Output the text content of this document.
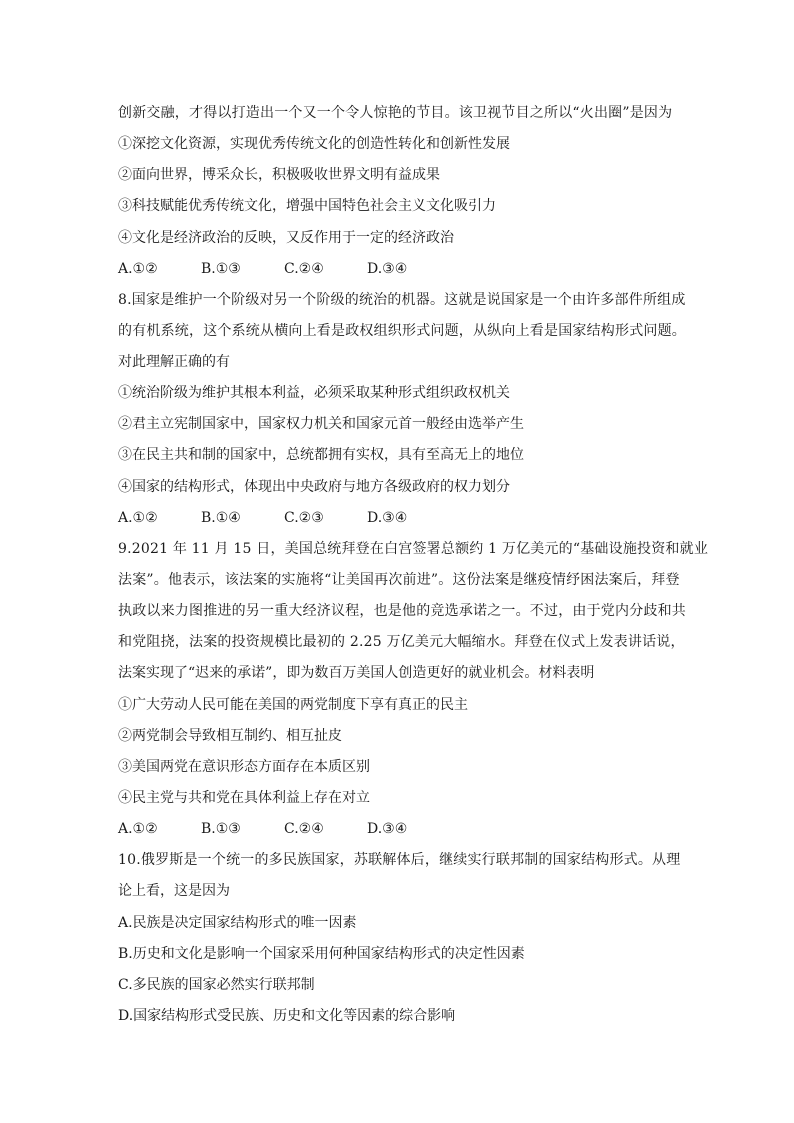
创新交融，才得以打造出一个又一个令人惊艳的节目。该卫视节目之所以“火出圈”是因为
①深挖文化资源，实现优秀传统文化的创造性转化和创新性发展
②面向世界，博采众长，积极吸收世界文明有益成果
③科技赋能优秀传统文化，增强中国特色社会主义文化吸引力
④文化是经济政治的反映，又反作用于一定的经济政治
A.①②	B.①③	C.②④	D.③④
8.国家是维护一个阶级对另一个阶级的统治的机器。这就是说国家是一个由许多部件所组成
的有机系统，这个系统从横向上看是政权组织形式问题，从纵向上看是国家结构形式问题。
对此理解正确的有
①统治阶级为维护其根本利益，必须采取某种形式组织政权机关
②君主立宪制国家中，国家权力机关和国家元首一般经由选举产生
③在民主共和制的国家中，总统都拥有实权，具有至高无上的地位
④国家的结构形式，体现出中央政府与地方各级政府的权力划分
A.①②	B.①④	C.②③	D.③④
9.2021 年 11 月 15 日，美国总统拜登在白宫签署总额约 1 万亿美元的“基础设施投资和就业
法案”。他表示，该法案的实施将“让美国再次前进”。这份法案是继疫情纾困法案后，拜登
执政以来力图推进的另一重大经济议程，也是他的竞选承诺之一。不过，由于党内分歧和共
和党阻挠，法案的投资规模比最初的 2.25 万亿美元大幅缩水。拜登在仪式上发表讲话说，
法案实现了“迟来的承诺”，即为数百万美国人创造更好的就业机会。材料表明
①广大劳动人民可能在美国的两党制度下享有真正的民主
②两党制会导致相互制约、相互扯皮
③美国两党在意识形态方面存在本质区别
④民主党与共和党在具体利益上存在对立
A.①②	B.①③	C.②④	D.③④
10.俄罗斯是一个统一的多民族国家，苏联解体后，继续实行联邦制的国家结构形式。从理
论上看，这是因为
A.民族是决定国家结构形式的唯一因素
B.历史和文化是影响一个国家采用何种国家结构形式的决定性因素
C.多民族的国家必然实行联邦制
D.国家结构形式受民族、历史和文化等因素的综合影响
